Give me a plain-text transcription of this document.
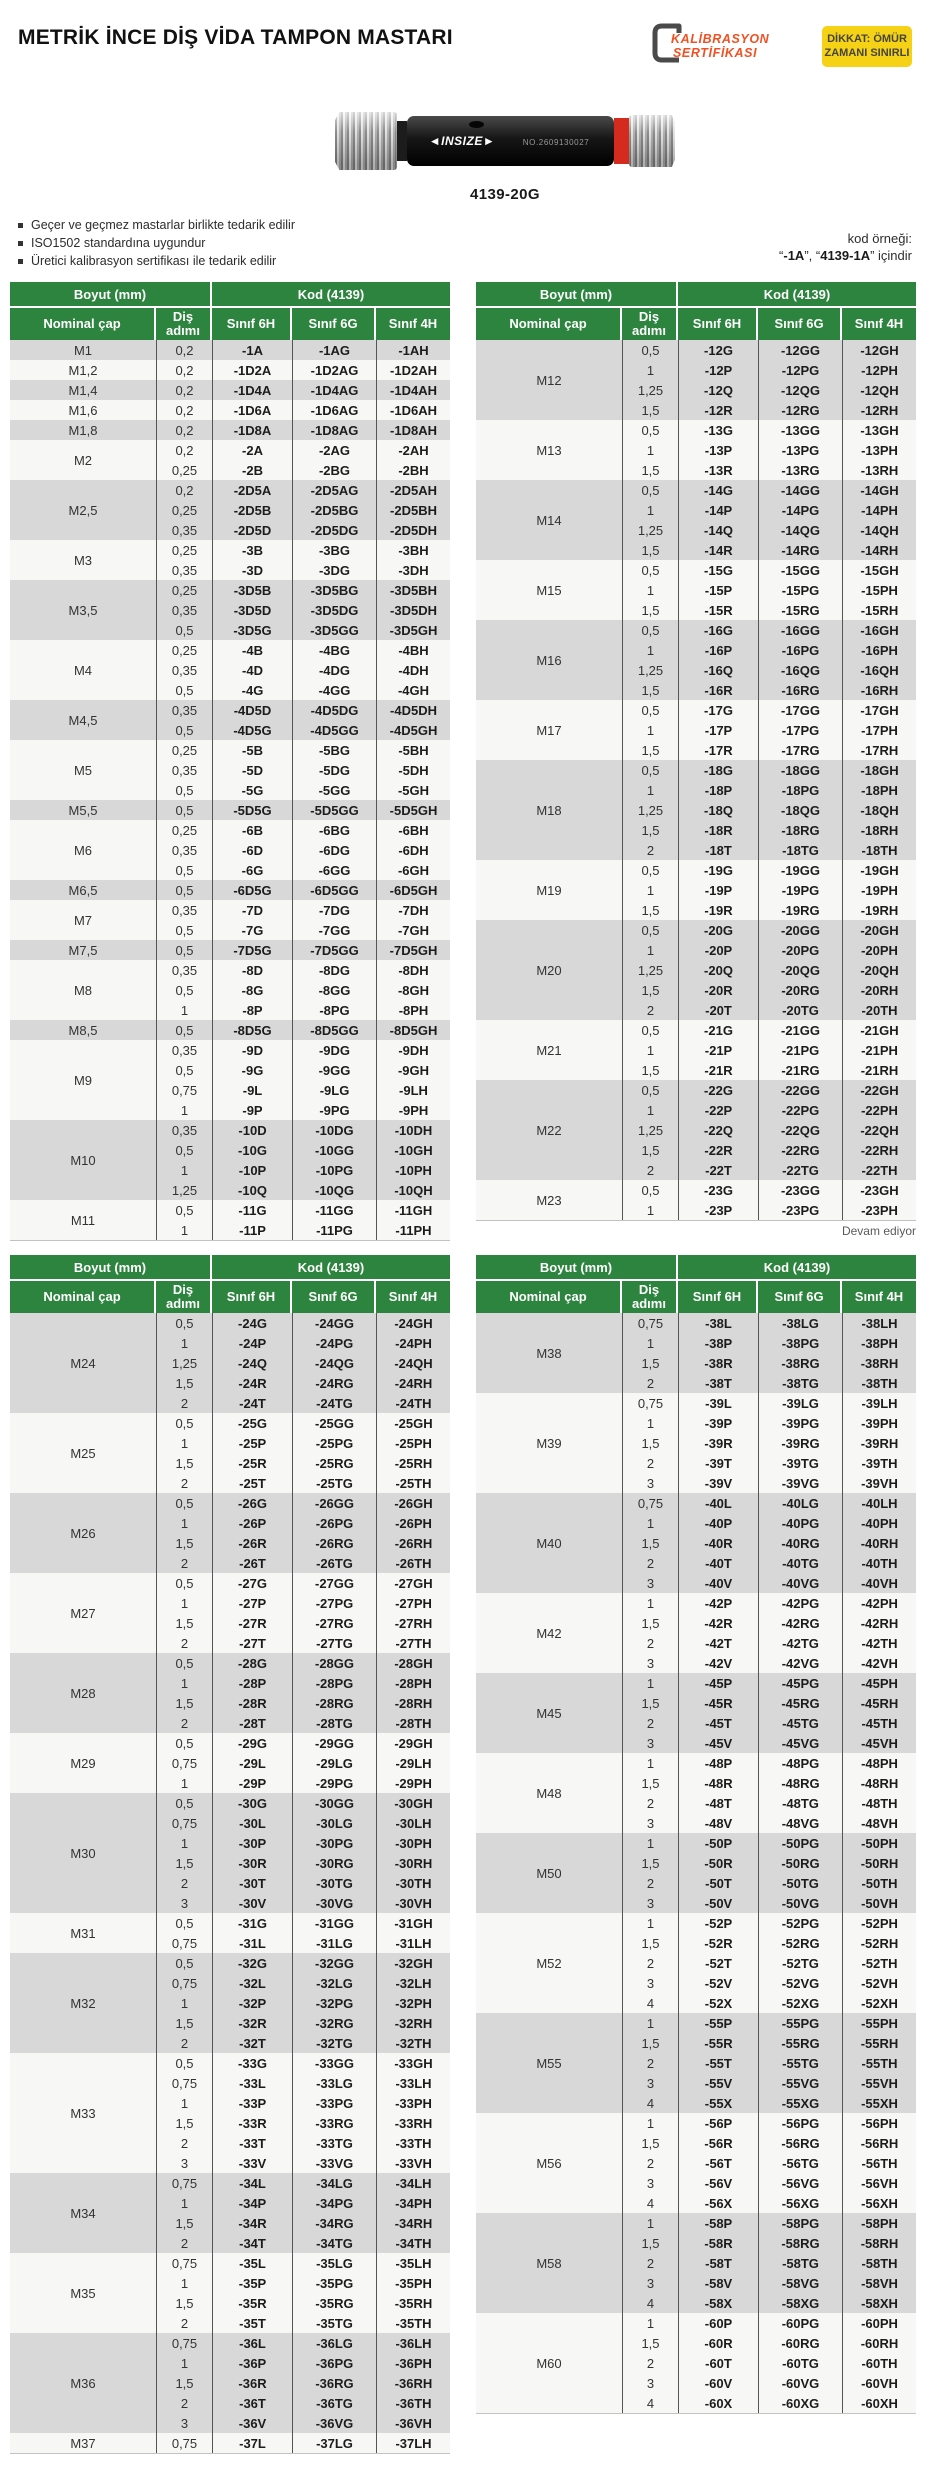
METRİK İNCE DİŞ VİDA TAMPON MASTARI	KALİBRASYON
SERTİFİKASI
DİKKAT: ÖMÜR
ZAMANI SINIRLI
◄INSIZE►	NO.2609130027
4139-20G
Geçer ve geçmez mastarlar birlikte tedarik edilir
ISO1502 standardına uygundur
Üretici kalibrasyon sertifikası ile tedarik edilir
kod örneği:
“-1A”, “4139-1A” içindir
Boyut (mm)		Kod (4139)		
Nominal çap	Diş adımı	Sınıf 6H	Sınıf 6G	Sınıf 4H
M1	0,2	-1A	-1AG	-1AH
M1,2	0,2	-1D2A	-1D2AG	-1D2AH
M1,4	0,2	-1D4A	-1D4AG	-1D4AH
M1,6	0,2	-1D6A	-1D6AG	-1D6AH
M1,8	0,2	-1D8A	-1D8AG	-1D8AH
M2	0,2	-2A	-2AG	-2AH
	0,25	-2B	-2BG	-2BH
M2,5	0,2	-2D5A	-2D5AG	-2D5AH
	0,25	-2D5B	-2D5BG	-2D5BH
	0,35	-2D5D	-2D5DG	-2D5DH
M3	0,25	-3B	-3BG	-3BH
	0,35	-3D	-3DG	-3DH
M3,5	0,25	-3D5B	-3D5BG	-3D5BH
	0,35	-3D5D	-3D5DG	-3D5DH
	0,5	-3D5G	-3D5GG	-3D5GH
M4	0,25	-4B	-4BG	-4BH
	0,35	-4D	-4DG	-4DH
	0,5	-4G	-4GG	-4GH
M4,5	0,35	-4D5D	-4D5DG	-4D5DH
	0,5	-4D5G	-4D5GG	-4D5GH
M5	0,25	-5B	-5BG	-5BH
	0,35	-5D	-5DG	-5DH
	0,5	-5G	-5GG	-5GH
M5,5	0,5	-5D5G	-5D5GG	-5D5GH
M6	0,25	-6B	-6BG	-6BH
	0,35	-6D	-6DG	-6DH
	0,5	-6G	-6GG	-6GH
M6,5	0,5	-6D5G	-6D5GG	-6D5GH
M7	0,35	-7D	-7DG	-7DH
	0,5	-7G	-7GG	-7GH
M7,5	0,5	-7D5G	-7D5GG	-7D5GH
M8	0,35	-8D	-8DG	-8DH
	0,5	-8G	-8GG	-8GH
	1	-8P	-8PG	-8PH
M8,5	0,5	-8D5G	-8D5GG	-8D5GH
M9	0,35	-9D	-9DG	-9DH
	0,5	-9G	-9GG	-9GH
	0,75	-9L	-9LG	-9LH
	1	-9P	-9PG	-9PH
M10	0,35	-10D	-10DG	-10DH
	0,5	-10G	-10GG	-10GH
	1	-10P	-10PG	-10PH
	1,25	-10Q	-10QG	-10QH
M11	0,5	-11G	-11GG	-11GH
	1	-11P	-11PG	-11PH
Boyut (mm)		Kod (4139)		
Nominal çap	Diş adımı	Sınıf 6H	Sınıf 6G	Sınıf 4H
M12	0,5	-12G	-12GG	-12GH
	1	-12P	-12PG	-12PH
	1,25	-12Q	-12QG	-12QH
	1,5	-12R	-12RG	-12RH
M13	0,5	-13G	-13GG	-13GH
	1	-13P	-13PG	-13PH
	1,5	-13R	-13RG	-13RH
M14	0,5	-14G	-14GG	-14GH
	1	-14P	-14PG	-14PH
	1,25	-14Q	-14QG	-14QH
	1,5	-14R	-14RG	-14RH
M15	0,5	-15G	-15GG	-15GH
	1	-15P	-15PG	-15PH
	1,5	-15R	-15RG	-15RH
M16	0,5	-16G	-16GG	-16GH
	1	-16P	-16PG	-16PH
	1,25	-16Q	-16QG	-16QH
	1,5	-16R	-16RG	-16RH
M17	0,5	-17G	-17GG	-17GH
	1	-17P	-17PG	-17PH
	1,5	-17R	-17RG	-17RH
M18	0,5	-18G	-18GG	-18GH
	1	-18P	-18PG	-18PH
	1,25	-18Q	-18QG	-18QH
	1,5	-18R	-18RG	-18RH
	2	-18T	-18TG	-18TH
M19	0,5	-19G	-19GG	-19GH
	1	-19P	-19PG	-19PH
	1,5	-19R	-19RG	-19RH
M20	0,5	-20G	-20GG	-20GH
	1	-20P	-20PG	-20PH
	1,25	-20Q	-20QG	-20QH
	1,5	-20R	-20RG	-20RH
	2	-20T	-20TG	-20TH
M21	0,5	-21G	-21GG	-21GH
	1	-21P	-21PG	-21PH
	1,5	-21R	-21RG	-21RH
M22	0,5	-22G	-22GG	-22GH
	1	-22P	-22PG	-22PH
	1,25	-22Q	-22QG	-22QH
	1,5	-22R	-22RG	-22RH
	2	-22T	-22TG	-22TH
M23	0,5	-23G	-23GG	-23GH
	1	-23P	-23PG	-23PH
Devam ediyor
Boyut (mm)		Kod (4139)		
Nominal çap	Diş adımı	Sınıf 6H	Sınıf 6G	Sınıf 4H
M24	0,5	-24G	-24GG	-24GH
	1	-24P	-24PG	-24PH
	1,25	-24Q	-24QG	-24QH
	1,5	-24R	-24RG	-24RH
	2	-24T	-24TG	-24TH
M25	0,5	-25G	-25GG	-25GH
	1	-25P	-25PG	-25PH
	1,5	-25R	-25RG	-25RH
	2	-25T	-25TG	-25TH
M26	0,5	-26G	-26GG	-26GH
	1	-26P	-26PG	-26PH
	1,5	-26R	-26RG	-26RH
	2	-26T	-26TG	-26TH
M27	0,5	-27G	-27GG	-27GH
	1	-27P	-27PG	-27PH
	1,5	-27R	-27RG	-27RH
	2	-27T	-27TG	-27TH
M28	0,5	-28G	-28GG	-28GH
	1	-28P	-28PG	-28PH
	1,5	-28R	-28RG	-28RH
	2	-28T	-28TG	-28TH
M29	0,5	-29G	-29GG	-29GH
	0,75	-29L	-29LG	-29LH
	1	-29P	-29PG	-29PH
M30	0,5	-30G	-30GG	-30GH
	0,75	-30L	-30LG	-30LH
	1	-30P	-30PG	-30PH
	1,5	-30R	-30RG	-30RH
	2	-30T	-30TG	-30TH
	3	-30V	-30VG	-30VH
M31	0,5	-31G	-31GG	-31GH
	0,75	-31L	-31LG	-31LH
M32	0,5	-32G	-32GG	-32GH
	0,75	-32L	-32LG	-32LH
	1	-32P	-32PG	-32PH
	1,5	-32R	-32RG	-32RH
	2	-32T	-32TG	-32TH
M33	0,5	-33G	-33GG	-33GH
	0,75	-33L	-33LG	-33LH
	1	-33P	-33PG	-33PH
	1,5	-33R	-33RG	-33RH
	2	-33T	-33TG	-33TH
	3	-33V	-33VG	-33VH
M34	0,75	-34L	-34LG	-34LH
	1	-34P	-34PG	-34PH
	1,5	-34R	-34RG	-34RH
	2	-34T	-34TG	-34TH
M35	0,75	-35L	-35LG	-35LH
	1	-35P	-35PG	-35PH
	1,5	-35R	-35RG	-35RH
	2	-35T	-35TG	-35TH
M36	0,75	-36L	-36LG	-36LH
	1	-36P	-36PG	-36PH
	1,5	-36R	-36RG	-36RH
	2	-36T	-36TG	-36TH
	3	-36V	-36VG	-36VH
M37	0,75	-37L	-37LG	-37LH
Boyut (mm)		Kod (4139)		
Nominal çap	Diş adımı	Sınıf 6H	Sınıf 6G	Sınıf 4H
M38	0,75	-38L	-38LG	-38LH
	1	-38P	-38PG	-38PH
	1,5	-38R	-38RG	-38RH
	2	-38T	-38TG	-38TH
M39	0,75	-39L	-39LG	-39LH
	1	-39P	-39PG	-39PH
	1,5	-39R	-39RG	-39RH
	2	-39T	-39TG	-39TH
	3	-39V	-39VG	-39VH
M40	0,75	-40L	-40LG	-40LH
	1	-40P	-40PG	-40PH
	1,5	-40R	-40RG	-40RH
	2	-40T	-40TG	-40TH
	3	-40V	-40VG	-40VH
M42	1	-42P	-42PG	-42PH
	1,5	-42R	-42RG	-42RH
	2	-42T	-42TG	-42TH
	3	-42V	-42VG	-42VH
M45	1	-45P	-45PG	-45PH
	1,5	-45R	-45RG	-45RH
	2	-45T	-45TG	-45TH
	3	-45V	-45VG	-45VH
M48	1	-48P	-48PG	-48PH
	1,5	-48R	-48RG	-48RH
	2	-48T	-48TG	-48TH
	3	-48V	-48VG	-48VH
M50	1	-50P	-50PG	-50PH
	1,5	-50R	-50RG	-50RH
	2	-50T	-50TG	-50TH
	3	-50V	-50VG	-50VH
M52	1	-52P	-52PG	-52PH
	1,5	-52R	-52RG	-52RH
	2	-52T	-52TG	-52TH
	3	-52V	-52VG	-52VH
	4	-52X	-52XG	-52XH
M55	1	-55P	-55PG	-55PH
	1,5	-55R	-55RG	-55RH
	2	-55T	-55TG	-55TH
	3	-55V	-55VG	-55VH
	4	-55X	-55XG	-55XH
M56	1	-56P	-56PG	-56PH
	1,5	-56R	-56RG	-56RH
	2	-56T	-56TG	-56TH
	3	-56V	-56VG	-56VH
	4	-56X	-56XG	-56XH
M58	1	-58P	-58PG	-58PH
	1,5	-58R	-58RG	-58RH
	2	-58T	-58TG	-58TH
	3	-58V	-58VG	-58VH
	4	-58X	-58XG	-58XH
M60	1	-60P	-60PG	-60PH
	1,5	-60R	-60RG	-60RH
	2	-60T	-60TG	-60TH
	3	-60V	-60VG	-60VH
	4	-60X	-60XG	-60XH
